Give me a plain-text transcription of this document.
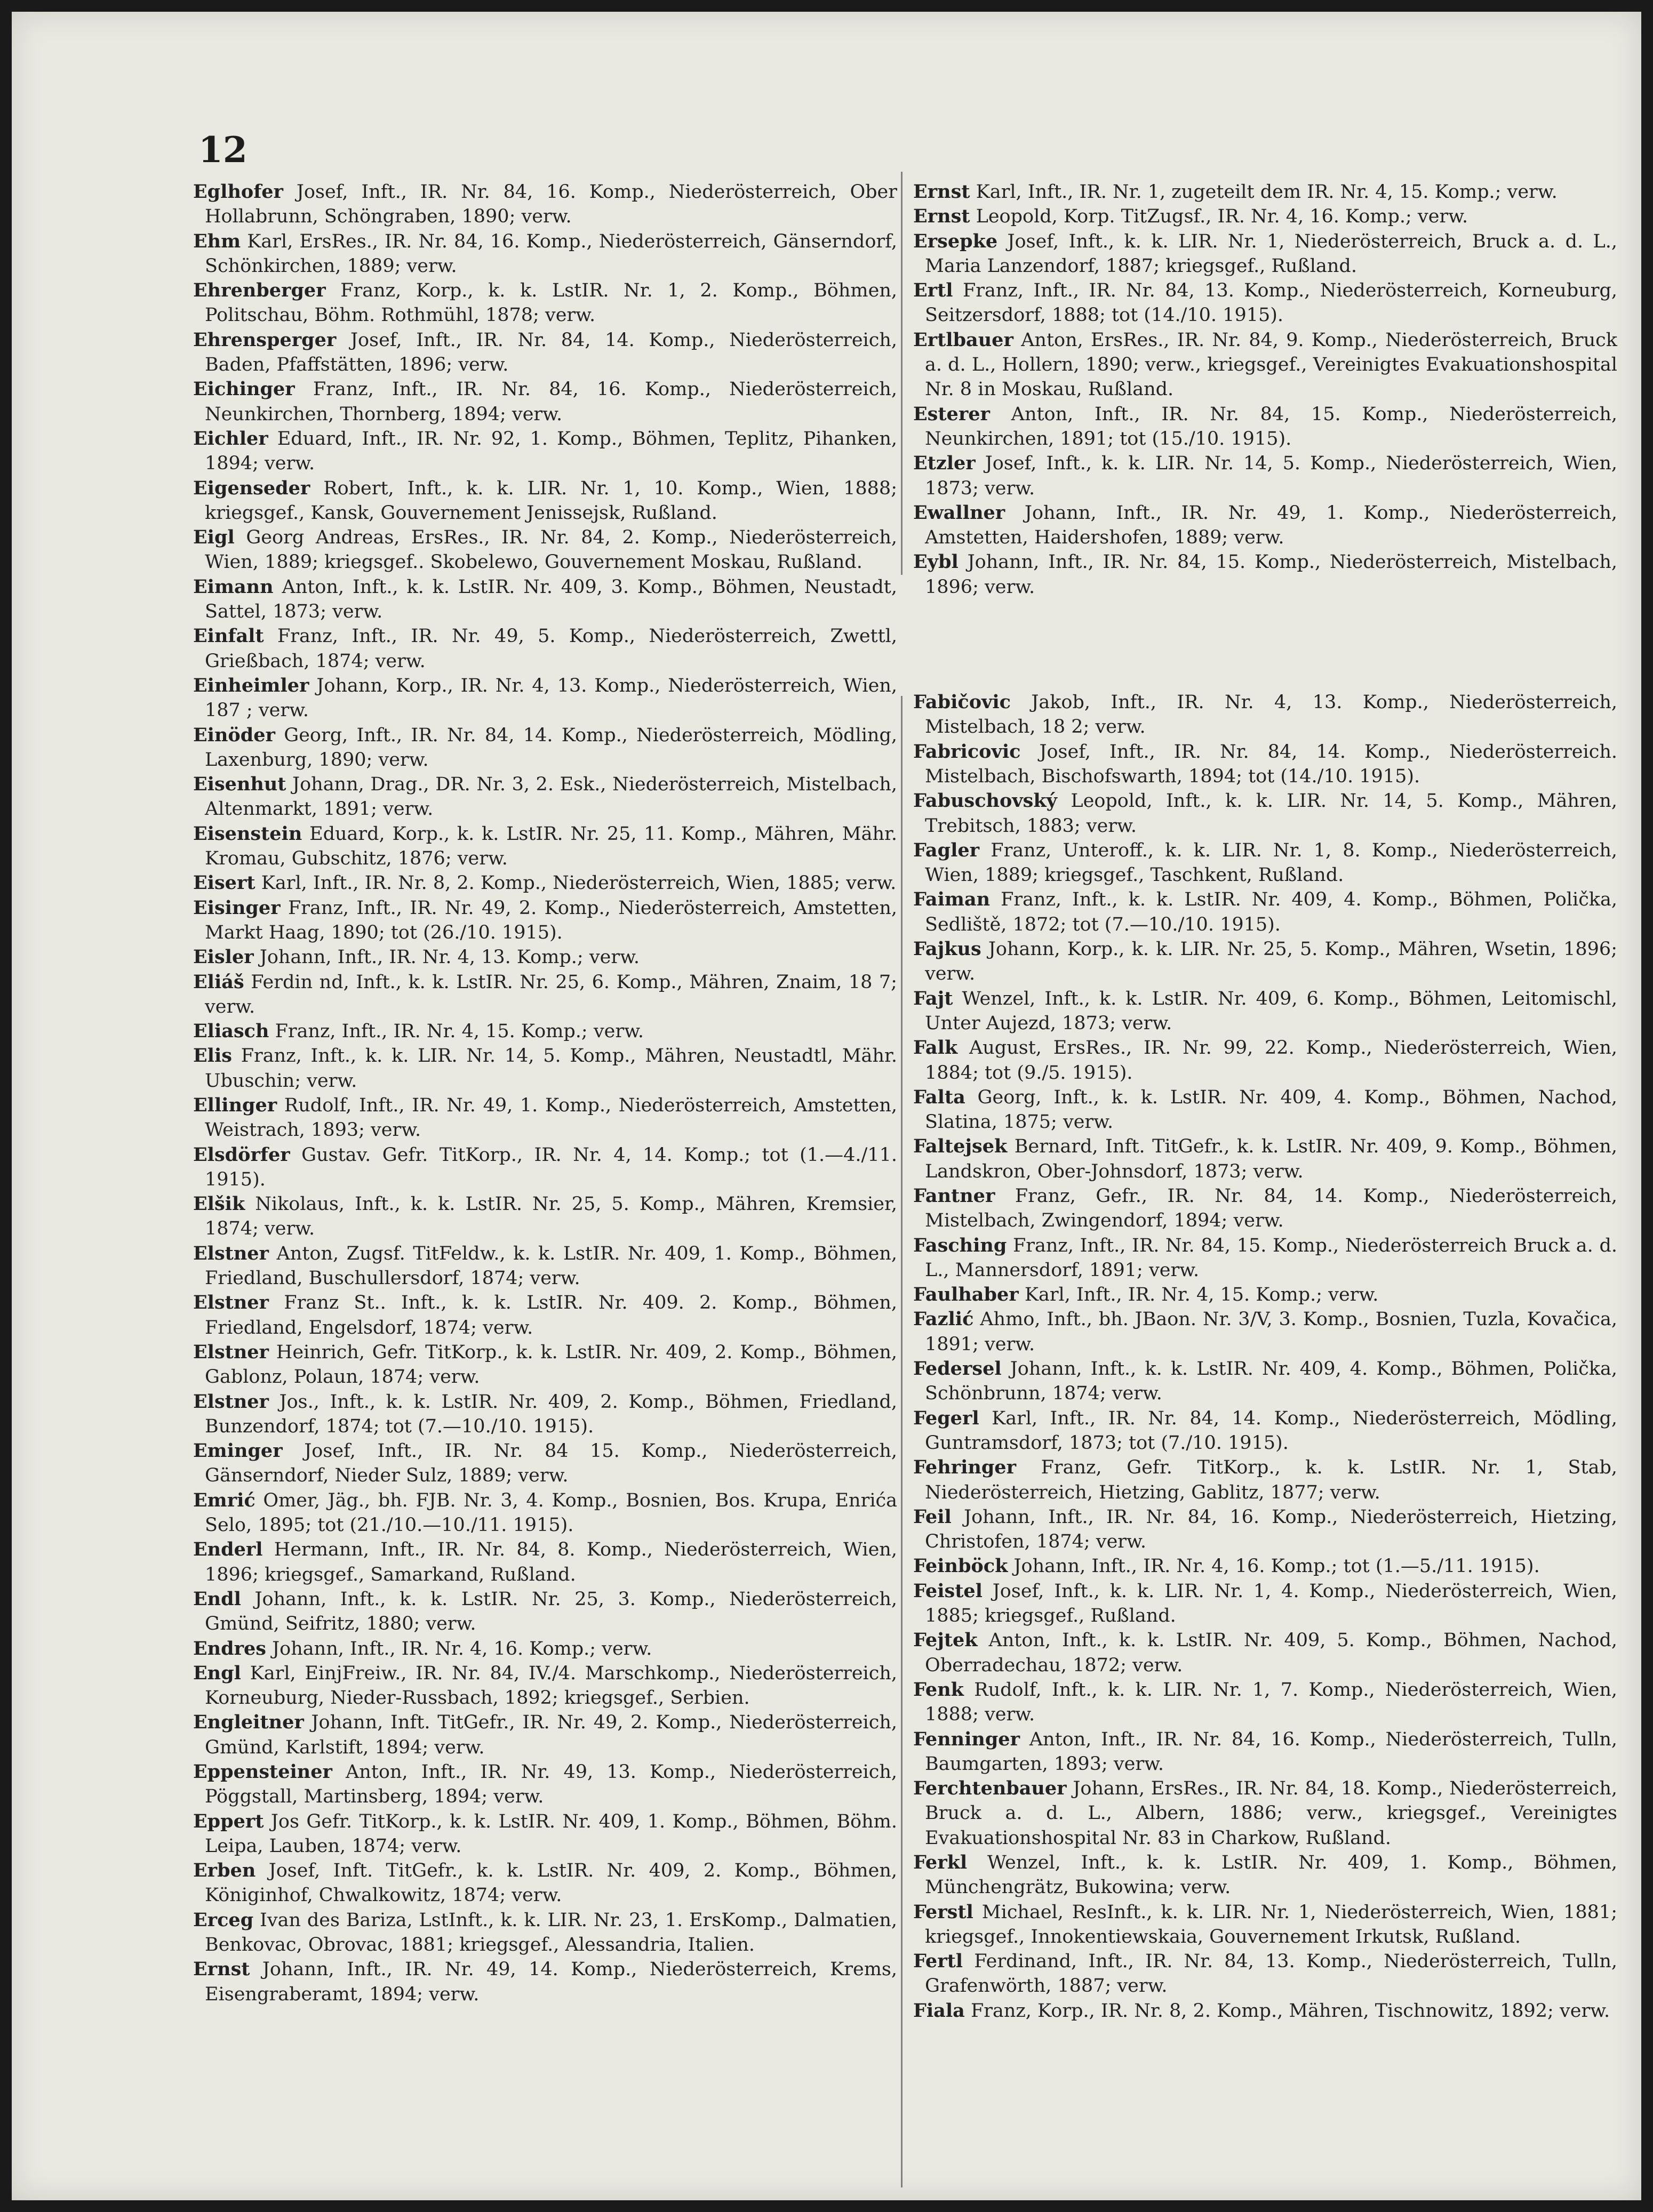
12

Eglhofer Josef, Inft., IR. Nr. 84, 16. Komp., Niederösterreich, Ober Hollabrunn, Schöngraben, 1890; verw.

Ehm Karl, ErsRes., IR. Nr. 84, 16. Komp., Niederösterreich, Gänserndorf, Schönkirchen, 1889; verw.

Ehrenberger Franz, Korp., k. k. LstIR. Nr. 1, 2. Komp., Böhmen, Politschau, Böhm. Rothmühl, 1878; verw.

Ehrensperger Josef, Inft., IR. Nr. 84, 14. Komp., Niederösterreich, Baden, Pfaffstätten, 1896; verw.

Eichinger Franz, Inft., IR. Nr. 84, 16. Komp., Niederösterreich, Neunkirchen, Thornberg, 1894; verw.

Eichler Eduard, Inft., IR. Nr. 92, 1. Komp., Böhmen, Teplitz, Pihanken, 1894; verw.

Eigenseder Robert, Inft., k. k. LIR. Nr. 1, 10. Komp., Wien, 1888; kriegsgef., Kansk, Gouvernement Jenissejsk, Rußland.

Eigl Georg Andreas, ErsRes., IR. Nr. 84, 2. Komp., Niederösterreich, Wien, 1889; kriegsgef.. Skobelewo, Gouvernement Moskau, Rußland.

Eimann Anton, Inft., k. k. LstIR. Nr. 409, 3. Komp., Böhmen, Neustadt, Sattel, 1873; verw.

Einfalt Franz, Inft., IR. Nr. 49, 5. Komp., Niederösterreich, Zwettl, Grießbach, 1874; verw.

Einheimler Johann, Korp., IR. Nr. 4, 13. Komp., Niederösterreich, Wien, 187 ; verw.

Einöder Georg, Inft., IR. Nr. 84, 14. Komp., Niederösterreich, Mödling, Laxenburg, 1890; verw.

Eisenhut Johann, Drag., DR. Nr. 3, 2. Esk., Niederösterreich, Mistelbach, Altenmarkt, 1891; verw.

Eisenstein Eduard, Korp., k. k. LstIR. Nr. 25, 11. Komp., Mähren, Mähr. Kromau, Gubschitz, 1876; verw.

Eisert Karl, Inft., IR. Nr. 8, 2. Komp., Niederösterreich, Wien, 1885; verw.

Eisinger Franz, Inft., IR. Nr. 49, 2. Komp., Niederösterreich, Amstetten, Markt Haag, 1890; tot (26./10. 1915).

Eisler Johann, Inft., IR. Nr. 4, 13. Komp.; verw.

Eliáš Ferdin nd, Inft., k. k. LstIR. Nr. 25, 6. Komp., Mähren, Znaim, 18 7; verw.

Eliasch Franz, Inft., IR. Nr. 4, 15. Komp.; verw.

Elis Franz, Inft., k. k. LIR. Nr. 14, 5. Komp., Mähren, Neustadtl, Mähr. Ubuschin; verw.

Ellinger Rudolf, Inft., IR. Nr. 49, 1. Komp., Niederösterreich, Amstetten, Weistrach, 1893; verw.

Elsdörfer Gustav. Gefr. TitKorp., IR. Nr. 4, 14. Komp.; tot (1.—4./11. 1915).

Elšik Nikolaus, Inft., k. k. LstIR. Nr. 25, 5. Komp., Mähren, Kremsier, 1874; verw.

Elstner Anton, Zugsf. TitFeldw., k. k. LstIR. Nr. 409, 1. Komp., Böhmen, Friedland, Buschullersdorf, 1874; verw.

Elstner Franz St.. Inft., k. k. LstIR. Nr. 409. 2. Komp., Böhmen, Friedland, Engelsdorf, 1874; verw.

Elstner Heinrich, Gefr. TitKorp., k. k. LstIR. Nr. 409, 2. Komp., Böhmen, Gablonz, Polaun, 1874; verw.

Elstner Jos., Inft., k. k. LstIR. Nr. 409, 2. Komp., Böhmen, Friedland, Bunzendorf, 1874; tot (7.—10./10. 1915).

Eminger Josef, Inft., IR. Nr. 84 15. Komp., Niederösterreich, Gänserndorf, Nieder Sulz, 1889; verw.

Emrić Omer, Jäg., bh. FJB. Nr. 3, 4. Komp., Bosnien, Bos. Krupa, Enrića Selo, 1895; tot (21./10.—10./11. 1915).

Enderl Hermann, Inft., IR. Nr. 84, 8. Komp., Niederösterreich, Wien, 1896; kriegsgef., Samarkand, Rußland.

Endl Johann, Inft., k. k. LstIR. Nr. 25, 3. Komp., Niederösterreich, Gmünd, Seifritz, 1880; verw.

Endres Johann, Inft., IR. Nr. 4, 16. Komp.; verw.

Engl Karl, EinjFreiw., IR. Nr. 84, IV./4. Marschkomp., Niederösterreich, Korneuburg, Nieder-Russbach, 1892; kriegsgef., Serbien.

Engleitner Johann, Inft. TitGefr., IR. Nr. 49, 2. Komp., Niederösterreich, Gmünd, Karlstift, 1894; verw.

Eppensteiner Anton, Inft., IR. Nr. 49, 13. Komp., Niederösterreich, Pöggstall, Martinsberg, 1894; verw.

Eppert Jos Gefr. TitKorp., k. k. LstIR. Nr. 409, 1. Komp., Böhmen, Böhm. Leipa, Lauben, 1874; verw.

Erben Josef, Inft. TitGefr., k. k. LstIR. Nr. 409, 2. Komp., Böhmen, Königinhof, Chwalkowitz, 1874; verw.

Erceg Ivan des Bariza, LstInft., k. k. LIR. Nr. 23, 1. ErsKomp., Dalmatien, Benkovac, Obrovac, 1881; kriegsgef., Alessandria, Italien.

Ernst Johann, Inft., IR. Nr. 49, 14. Komp., Niederösterreich, Krems, Eisengraberamt, 1894; verw.

Ernst Karl, Inft., IR. Nr. 1, zugeteilt dem IR. Nr. 4, 15. Komp.; verw.

Ernst Leopold, Korp. TitZugsf., IR. Nr. 4, 16. Komp.; verw.

Ersepke Josef, Inft., k. k. LIR. Nr. 1, Niederösterreich, Bruck a. d. L., Maria Lanzendorf, 1887; kriegsgef., Rußland.

Ertl Franz, Inft., IR. Nr. 84, 13. Komp., Niederösterreich, Korneuburg, Seitzersdorf, 1888; tot (14./10. 1915).

Ertlbauer Anton, ErsRes., IR. Nr. 84, 9. Komp., Niederösterreich, Bruck a. d. L., Hollern, 1890; verw., kriegsgef., Vereinigtes Evakuationshospital Nr. 8 in Moskau, Rußland.

Esterer Anton, Inft., IR. Nr. 84, 15. Komp., Niederösterreich, Neunkirchen, 1891; tot (15./10. 1915).

Etzler Josef, Inft., k. k. LIR. Nr. 14, 5. Komp., Niederösterreich, Wien, 1873; verw.

Ewallner Johann, Inft., IR. Nr. 49, 1. Komp., Niederösterreich, Amstetten, Haidershofen, 1889; verw.

Eybl Johann, Inft., IR. Nr. 84, 15. Komp., Niederösterreich, Mistelbach, 1896; verw.

Fabičovic Jakob, Inft., IR. Nr. 4, 13. Komp., Niederösterreich, Mistelbach, 18 2; verw.

Fabricovic Josef, Inft., IR. Nr. 84, 14. Komp., Niederösterreich. Mistelbach, Bischofswarth, 1894; tot (14./10. 1915).

Fabuschovský Leopold, Inft., k. k. LIR. Nr. 14, 5. Komp., Mähren, Trebitsch, 1883; verw.

Fagler Franz, Unteroff., k. k. LIR. Nr. 1, 8. Komp., Niederösterreich, Wien, 1889; kriegsgef., Taschkent, Rußland.

Faiman Franz, Inft., k. k. LstIR. Nr. 409, 4. Komp., Böhmen, Polička, Sedliště, 1872; tot (7.—10./10. 1915).

Fajkus Johann, Korp., k. k. LIR. Nr. 25, 5. Komp., Mähren, Wsetin, 1896; verw.

Fajt Wenzel, Inft., k. k. LstIR. Nr. 409, 6. Komp., Böhmen, Leitomischl, Unter Aujezd, 1873; verw.

Falk August, ErsRes., IR. Nr. 99, 22. Komp., Niederösterreich, Wien, 1884; tot (9./5. 1915).

Falta Georg, Inft., k. k. LstIR. Nr. 409, 4. Komp., Böhmen, Nachod, Slatina, 1875; verw.

Faltejsek Bernard, Inft. TitGefr., k. k. LstIR. Nr. 409, 9. Komp., Böhmen, Landskron, Ober-Johnsdorf, 1873; verw.

Fantner Franz, Gefr., IR. Nr. 84, 14. Komp., Niederösterreich, Mistelbach, Zwingendorf, 1894; verw.

Fasching Franz, Inft., IR. Nr. 84, 15. Komp., Niederösterreich Bruck a. d. L., Mannersdorf, 1891; verw.

Faulhaber Karl, Inft., IR. Nr. 4, 15. Komp.; verw.

Fazlić Ahmo, Inft., bh. JBaon. Nr. 3/V, 3. Komp., Bosnien, Tuzla, Kovačica, 1891; verw.

Federsel Johann, Inft., k. k. LstIR. Nr. 409, 4. Komp., Böhmen, Polička, Schönbrunn, 1874; verw.

Fegerl Karl, Inft., IR. Nr. 84, 14. Komp., Niederösterreich, Mödling, Guntramsdorf, 1873; tot (7./10. 1915).

Fehringer Franz, Gefr. TitKorp., k. k. LstIR. Nr. 1, Stab, Niederösterreich, Hietzing, Gablitz, 1877; verw.

Feil Johann, Inft., IR. Nr. 84, 16. Komp., Niederösterreich, Hietzing, Christofen, 1874; verw.

Feinböck Johann, Inft., IR. Nr. 4, 16. Komp.; tot (1.—5./11. 1915).

Feistel Josef, Inft., k. k. LIR. Nr. 1, 4. Komp., Niederösterreich, Wien, 1885; kriegsgef., Rußland.

Fejtek Anton, Inft., k. k. LstIR. Nr. 409, 5. Komp., Böhmen, Nachod, Oberradechau, 1872; verw.

Fenk Rudolf, Inft., k. k. LIR. Nr. 1, 7. Komp., Niederösterreich, Wien, 1888; verw.

Fenninger Anton, Inft., IR. Nr. 84, 16. Komp., Niederösterreich, Tulln, Baumgarten, 1893; verw.

Ferchtenbauer Johann, ErsRes., IR. Nr. 84, 18. Komp., Niederösterreich, Bruck a. d. L., Albern, 1886; verw., kriegsgef., Vereinigtes Evakuationshospital Nr. 83 in Charkow, Rußland.

Ferkl Wenzel, Inft., k. k. LstIR. Nr. 409, 1. Komp., Böhmen, Münchengrätz, Bukowina; verw.

Ferstl Michael, ResInft., k. k. LIR. Nr. 1, Niederösterreich, Wien, 1881; kriegsgef., Innokentiewskaia, Gouvernement Irkutsk, Rußland.

Fertl Ferdinand, Inft., IR. Nr. 84, 13. Komp., Niederösterreich, Tulln, Grafenwörth, 1887; verw.

Fiala Franz, Korp., IR. Nr. 8, 2. Komp., Mähren, Tischnowitz, 1892; verw.
